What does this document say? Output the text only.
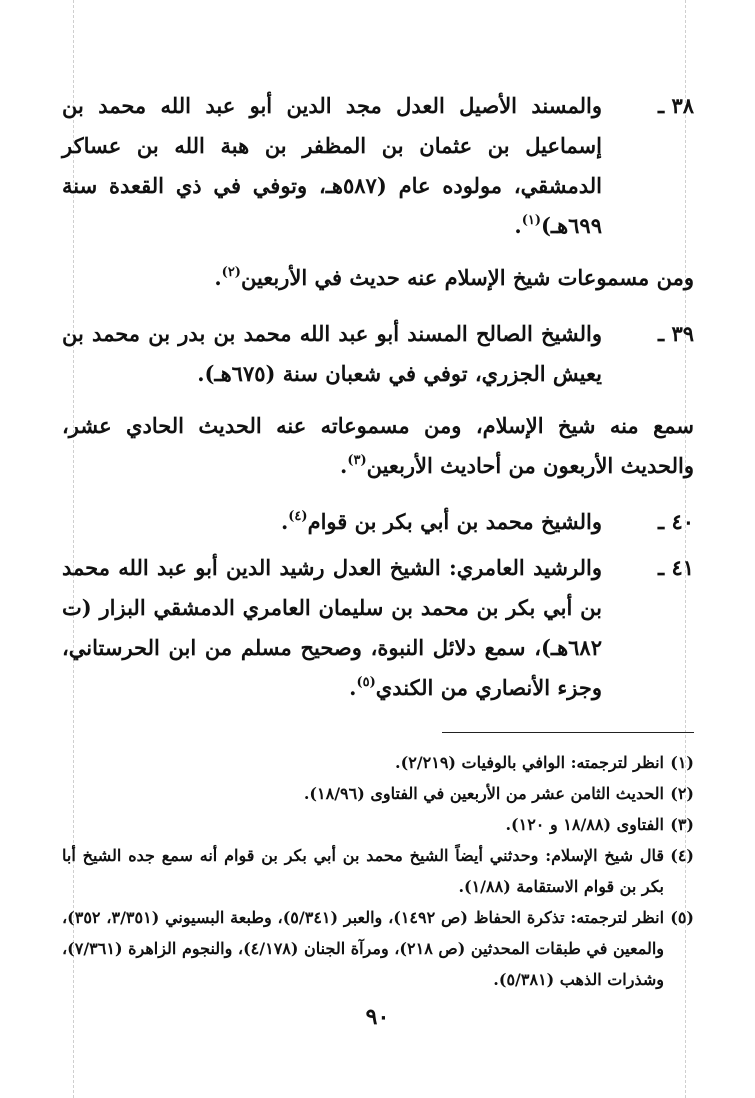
٣٨ ـ
والمسند الأصيل العدل مجد الدين أبو عبد الله محمد بن إسماعيل بن عثمان بن المظفر بن هبة الله بن عساكر الدمشقي، مولوده عام (٥٨٧هـ، وتوفي في ذي القعدة سنة ٦٩٩هـ)$^{(١)}$.
ومن مسموعات شيخ الإسلام عنه حديث في الأربعين$^{(٢)}$.
٣٩ ـ
والشيخ الصالح المسند أبو عبد الله محمد بن بدر بن محمد بن يعيش الجزري، توفي في شعبان سنة (٦٧٥هـ).
سمع منه شيخ الإسلام، ومن مسموعاته عنه الحديث الحادي عشر، والحديث الأربعون من أحاديث الأربعين$^{(٣)}$.
٤٠ ـ
والشيخ محمد بن أبي بكر بن قوام$^{(٤)}$.
٤١ ـ
والرشيد العامري: الشيخ العدل رشيد الدين أبو عبد الله محمد بن أبي بكر بن محمد بن سليمان العامري الدمشقي البزار (ت ٦٨٢هـ)، سمع دلائل النبوة، وصحيح مسلم من ابن الحرستاني، وجزء الأنصاري من الكندي$^{(٥)}$.
(١)
انظر لترجمته: الوافي بالوفيات (٢/٢١٩).
(٢)
الحديث الثامن عشر من الأربعين في الفتاوى (١٨/٩٦).
(٣)
الفتاوى (١٨/٨٨ و ١٢٠).
(٤)
قال شيخ الإسلام: وحدثني أيضاً الشيخ محمد بن أبي بكر بن قوام أنه سمع جده الشيخ أبا بكر بن قوام الاستقامة (١/٨٨).
(٥)
انظر لترجمته: تذكرة الحفاظ (ص ١٤٩٢)، والعبر (٥/٣٤١)، وطبعة البسيوني (٣/٣٥١، ٣٥٢)، والمعين في طبقات المحدثين (ص ٢١٨)، ومرآة الجنان (٤/١٧٨)، والنجوم الزاهرة (٧/٣٦١)، وشذرات الذهب (٥/٣٨١).
٩٠
